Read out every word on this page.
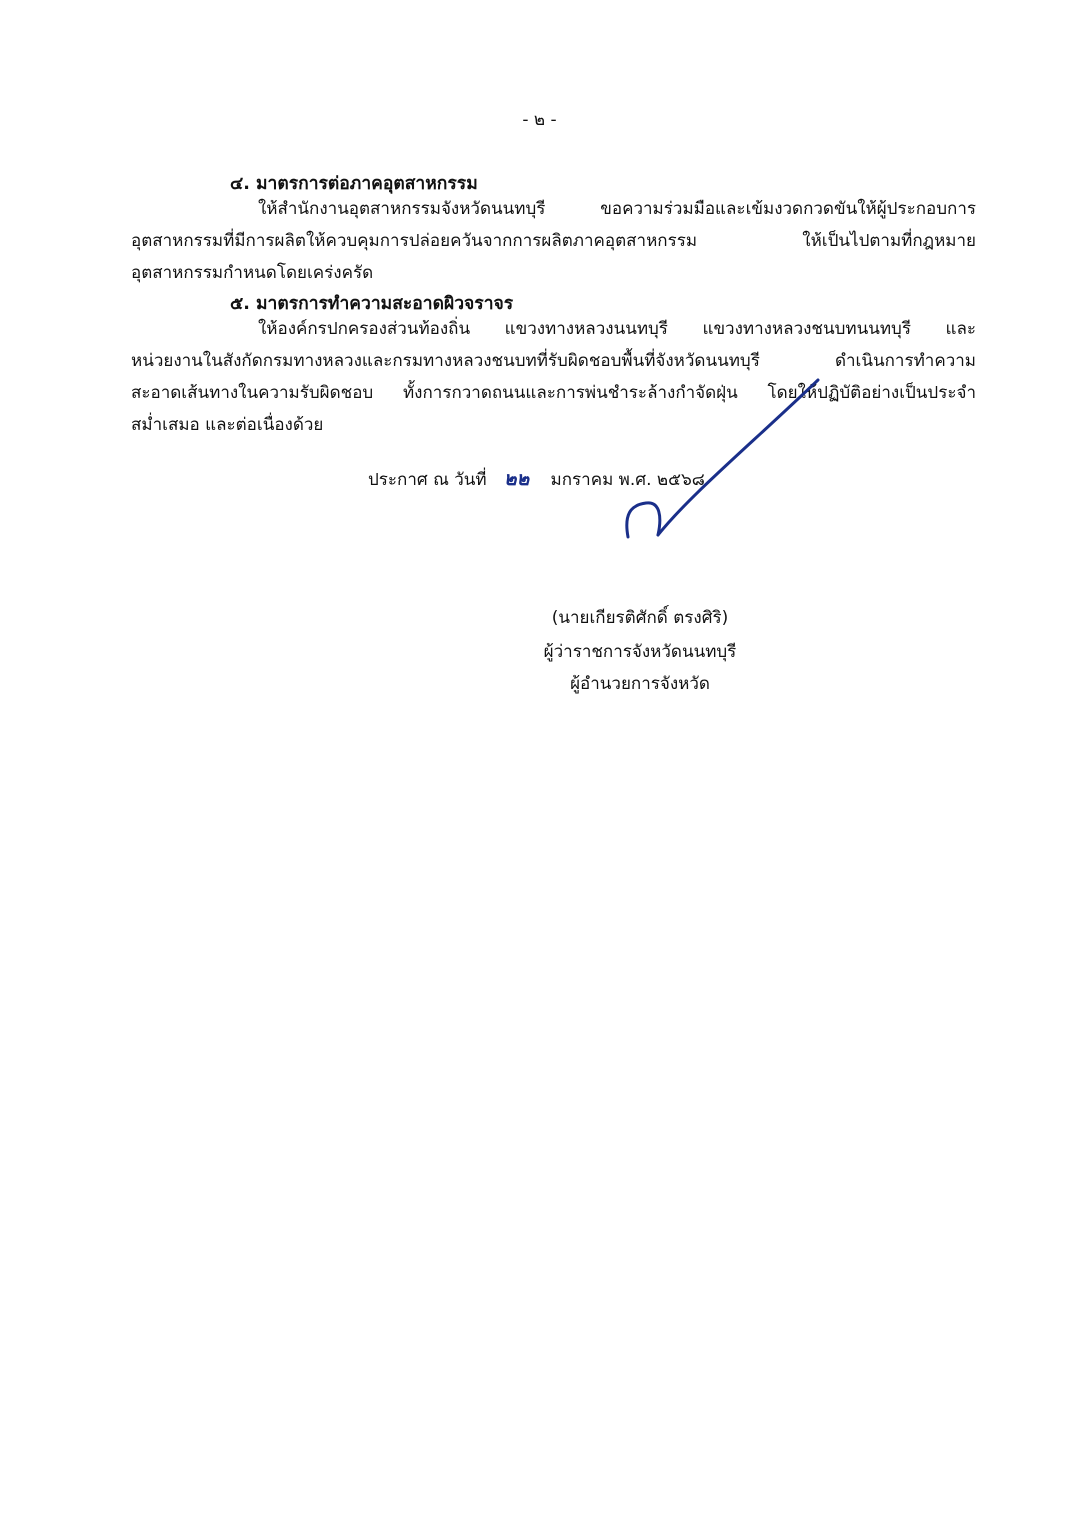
- ๒ -
๔. มาตรการต่อภาคอุตสาหกรรม
ให้สำนักงานอุตสาหกรรมจังหวัดนนทบุรี ขอความร่วมมือและเข้มงวดกวดขันให้ผู้ประกอบการ
อุตสาหกรรมที่มีการผลิตให้ควบคุมการปล่อยควันจากการผลิตภาคอุตสาหกรรม ให้เป็นไปตามที่กฎหมาย
อุตสาหกรรมกำหนดโดยเคร่งครัด
๕. มาตรการทำความสะอาดผิวจราจร
ให้องค์กรปกครองส่วนท้องถิ่น แขวงทางหลวงนนทบุรี แขวงทางหลวงชนบทนนทบุรี และ
หน่วยงานในสังกัดกรมทางหลวงและกรมทางหลวงชนบทที่รับผิดชอบพื้นที่จังหวัดนนทบุรี ดำเนินการทำความ
สะอาดเส้นทางในความรับผิดชอบ ทั้งการกวาดถนนและการพ่นชำระล้างกำจัดฝุ่น โดยให้ปฏิบัติอย่างเป็นประจำ
สม่ำเสมอ และต่อเนื่องด้วย
ประกาศ ณ วันที่ ๒๒ มกราคม พ.ศ. ๒๕๖๘
(นายเกียรติศักดิ์ ตรงศิริ)
ผู้ว่าราชการจังหวัดนนทบุรี
ผู้อำนวยการจังหวัด
